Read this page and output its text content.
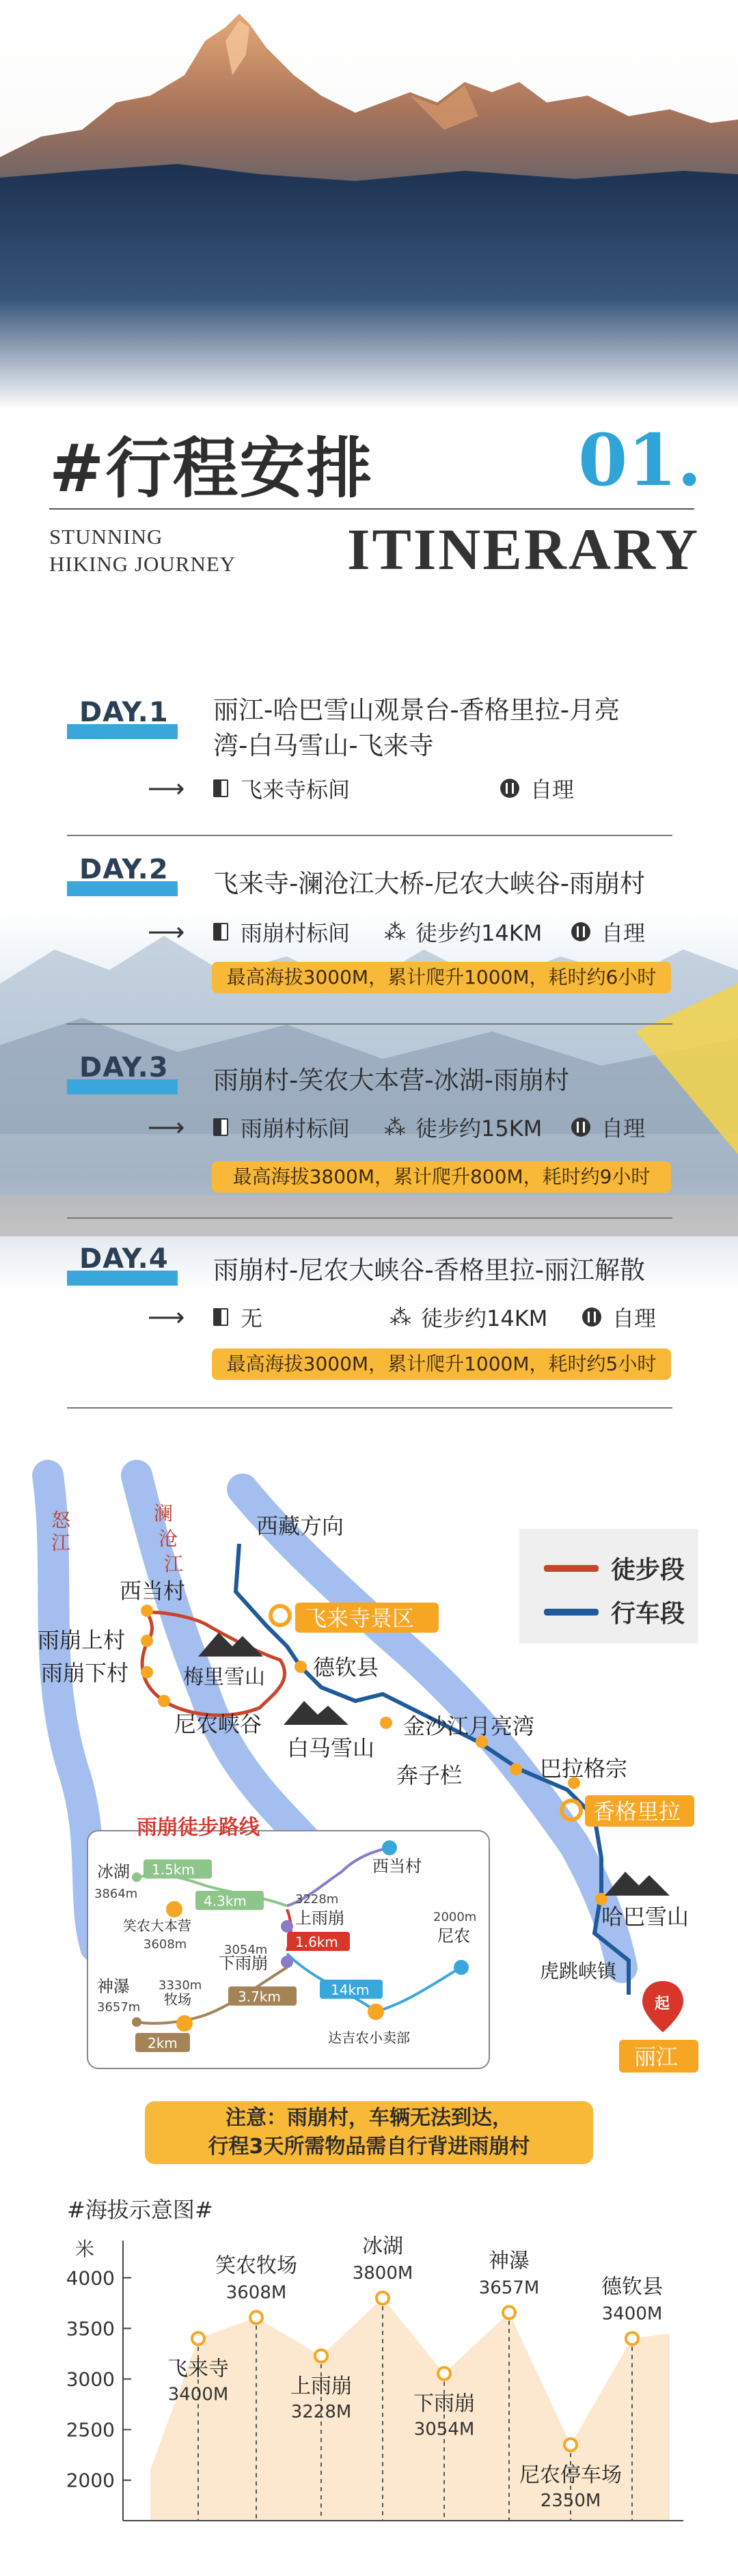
#行程安排	01.
STUNNING
HIKING JOURNEY ITINERARY
DAY.1 丽江-哈巴雪山观景台-香格里拉-月亮
湾-白马雪山-飞来寺
⟶	飞来寺标间	自理
DAY.2 飞来寺-澜沧江大桥-尼农大峡谷-雨崩村
⟶	雨崩村标间	⁂ 徒步约14KM	自理
最高海拔3000M，累计爬升1000M，耗时约6小时
DAY.3 雨崩村-笑农大本营-冰湖-雨崩村
⟶	雨崩村标间	⁂ 徒步约15KM	自理
最高海拔3800M，累计爬升800M，耗时约9小时
DAY.4 雨崩村-尼农大峡谷-香格里拉-丽江解散
⟶	无	⁂ 徒步约14KM	自理
最高海拔3000M，累计爬升1000M，耗时约5小时
怒
江
澜
沧
江
西藏方向
西当村
雨崩上村
雨崩下村	梅里雪山
尼农峡谷
白马雪山
德钦县
金沙江月亮湾
奔子栏	巴拉格宗
哈巴雪山
虎跳峡镇
飞来寺景区
香格里拉
起
丽江
雨崩徒步路线
冰湖
3864m
笑农大本营
3608m
上雨崩
3228m
下雨崩
3054m
西当村
尼农
2000m
神瀑
3657m 牧场
3330m
达吉农小卖部
1.5km
4.3km
1.6km
14km
3.7km
2km
徒步段
行车段
注意：雨崩村，车辆无法到达，
行程3天所需物品需自行背进雨崩村
#海拔示意图#
米
2000
2500
3000
3500
4000
飞来寺
3400M
笑农牧场
3608M
上雨崩
3228M
冰湖
3800M
下雨崩
3054M
神瀑
3657M
尼农停车场
2350M
德钦县
3400M
